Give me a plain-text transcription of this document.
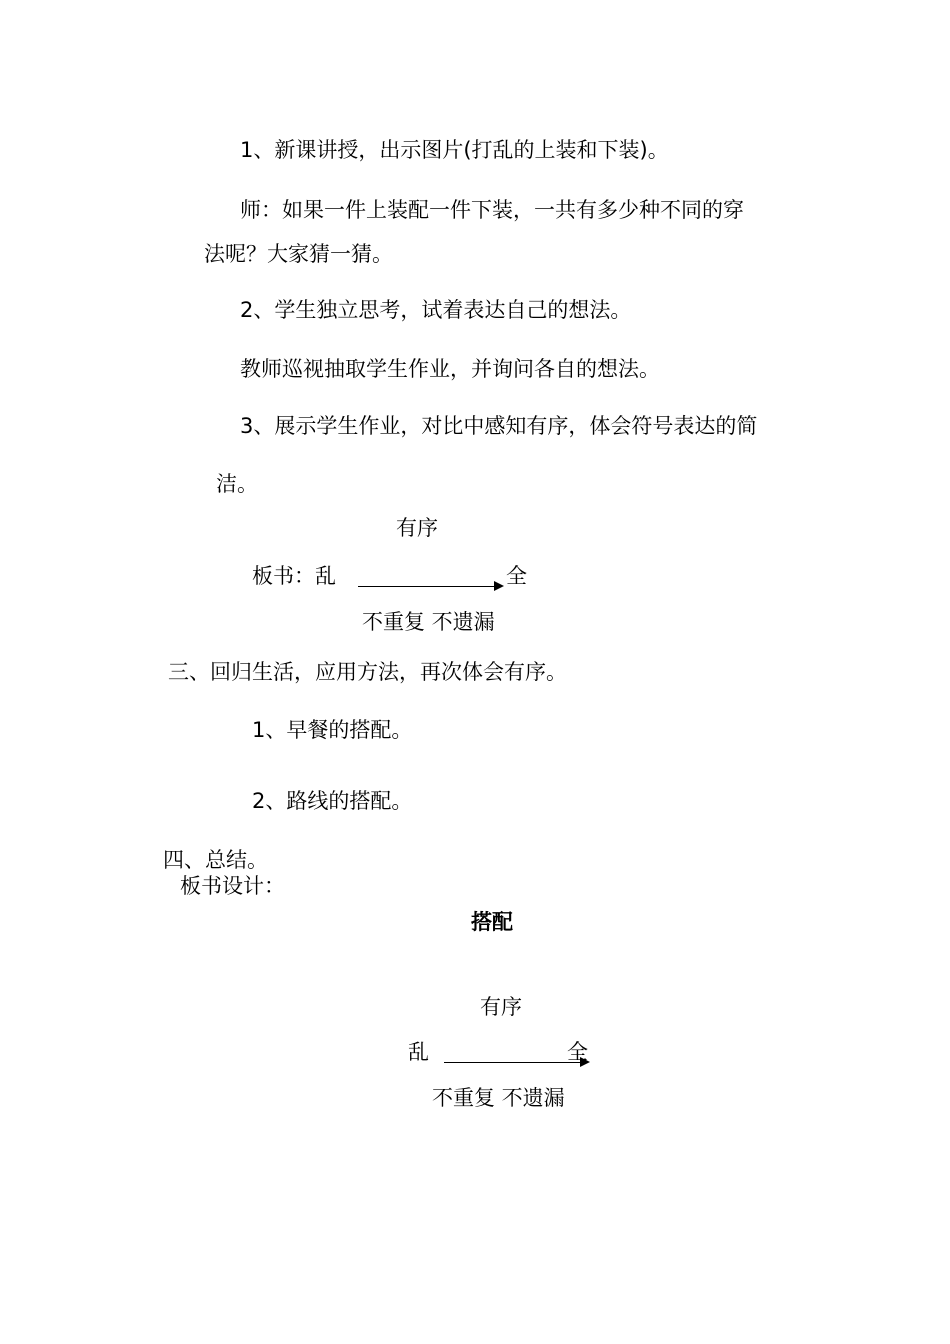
1、新课讲授，出示图片(打乱的上装和下装)。
师：如果一件上装配一件下装，一共有多少种不同的穿
法呢？大家猜一猜。
2、学生独立思考，试着表达自己的想法。
教师巡视抽取学生作业，并询问各自的想法。
3、展示学生作业，对比中感知有序，体会符号表达的简
洁。
有序
板书：乱	全
不重复 不遗漏
三、回归生活，应用方法，再次体会有序。
1、早餐的搭配。
2、路线的搭配。
四、总结。
板书设计：
搭配
有序
乱	全
不重复 不遗漏
